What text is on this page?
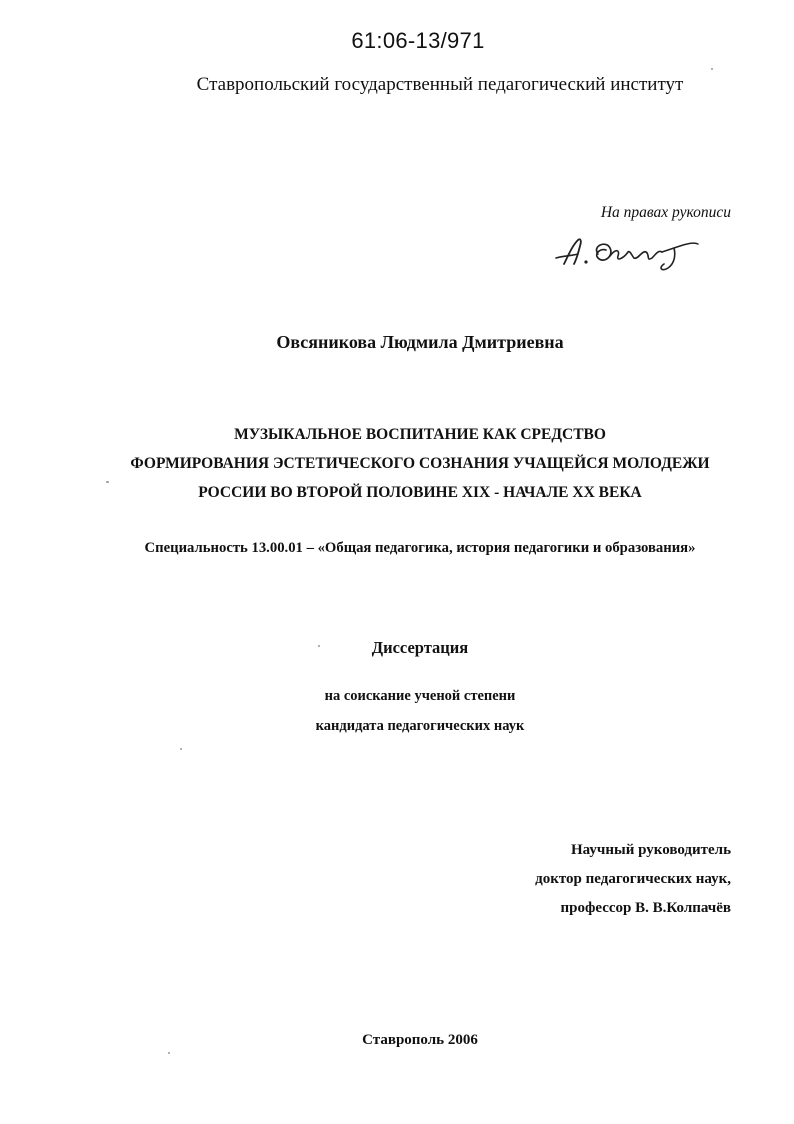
61:06-13/971
Ставропольский государственный педагогический институт
На правах рукописи
Овсяникова Людмила Дмитриевна
МУЗЫКАЛЬНОЕ ВОСПИТАНИЕ КАК СРЕДСТВО
ФОРМИРОВАНИЯ ЭСТЕТИЧЕСКОГО СОЗНАНИЯ УЧАЩЕЙСЯ МОЛОДЕЖИ
РОССИИ ВО ВТОРОЙ ПОЛОВИНЕ XIX - НАЧАЛЕ XX ВЕКА
Специальность 13.00.01 – «Общая педагогика, история педагогики и образования»
Диссертация
на соискание ученой степени
кандидата педагогических наук
Научный руководитель
доктор педагогических наук,
профессор В. В.Колпачёв
Ставрополь 2006
